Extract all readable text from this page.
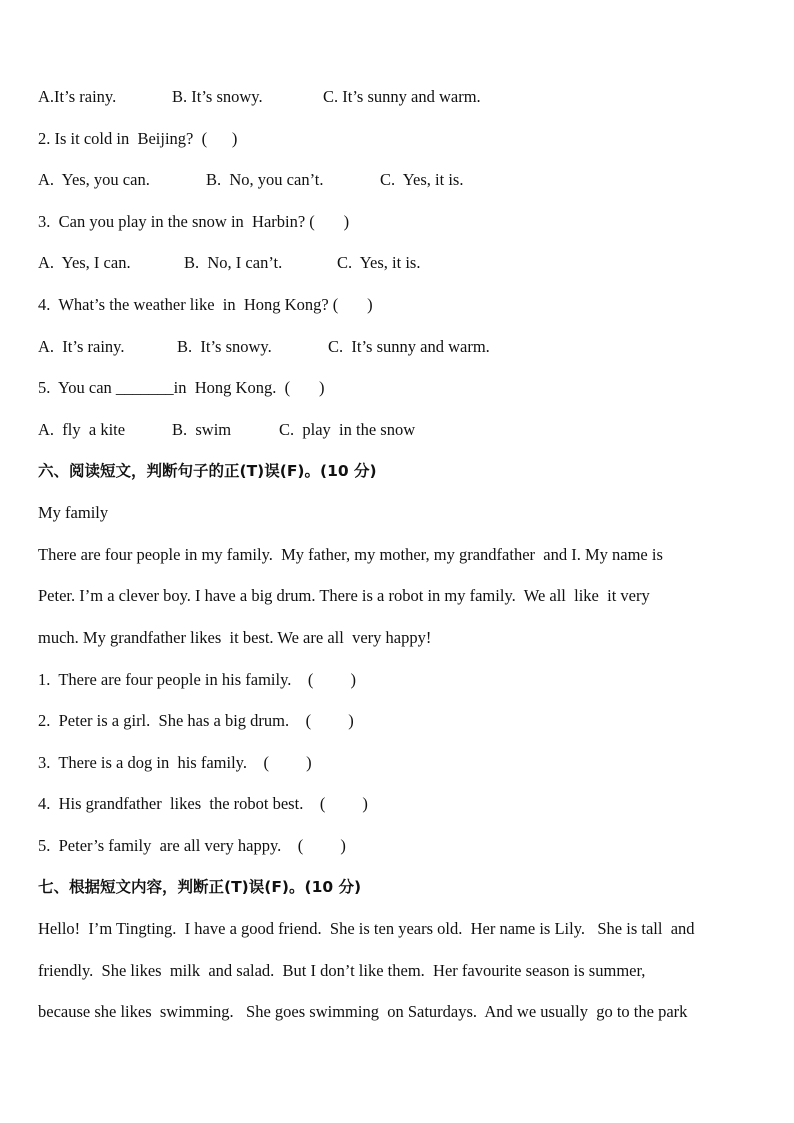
A.It’s rainy.

	B. It’s snowy.

	C. It’s sunny and warm.

2. Is it cold in  Beijing?  (      )

A.  Yes, you can.

	B.  No, you can’t.

	C.  Yes, it is.

3.  Can you play in the snow in  Harbin? (       )

A.  Yes, I can.

	B.  No, I can’t.

	C.  Yes, it is.

4.  What’s the weather like  in  Hong Kong? (       )

A.  It’s rainy.

	B.  It’s snowy.

	C.  It’s sunny and warm.

5.  You can _______in  Hong Kong.  (       )

A.  fly  a kite

	B.  swim

	C.  play  in the snow

六、阅读短文，判断句子的正(T)误(F)。(10 分)
My family
There are four people in my family.  My father, my mother, my grandfather  and I. My name is
Peter. I’m a clever boy. I have a big drum. There is a robot in my family.  We all  like  it very
much. My grandfather likes  it best. We are all  very happy!
1.  There are four people in his family.    (         )
2.  Peter is a girl.  She has a big drum.    (         )
3.  There is a dog in  his family.    (         )
4.  His grandfather  likes  the robot best.    (         )
5.  Peter’s family  are all very happy.    (         )
七、根据短文内容，判断正(T)误(F)。(10 分)
Hello!  I’m Tingting.  I have a good friend.  She is ten years old.  Her name is Lily.   She is tall  and
friendly.  She likes  milk  and salad.  But I don’t like them.  Her favourite season is summer,
because she likes  swimming.   She goes swimming  on Saturdays.  And we usually  go to the park
